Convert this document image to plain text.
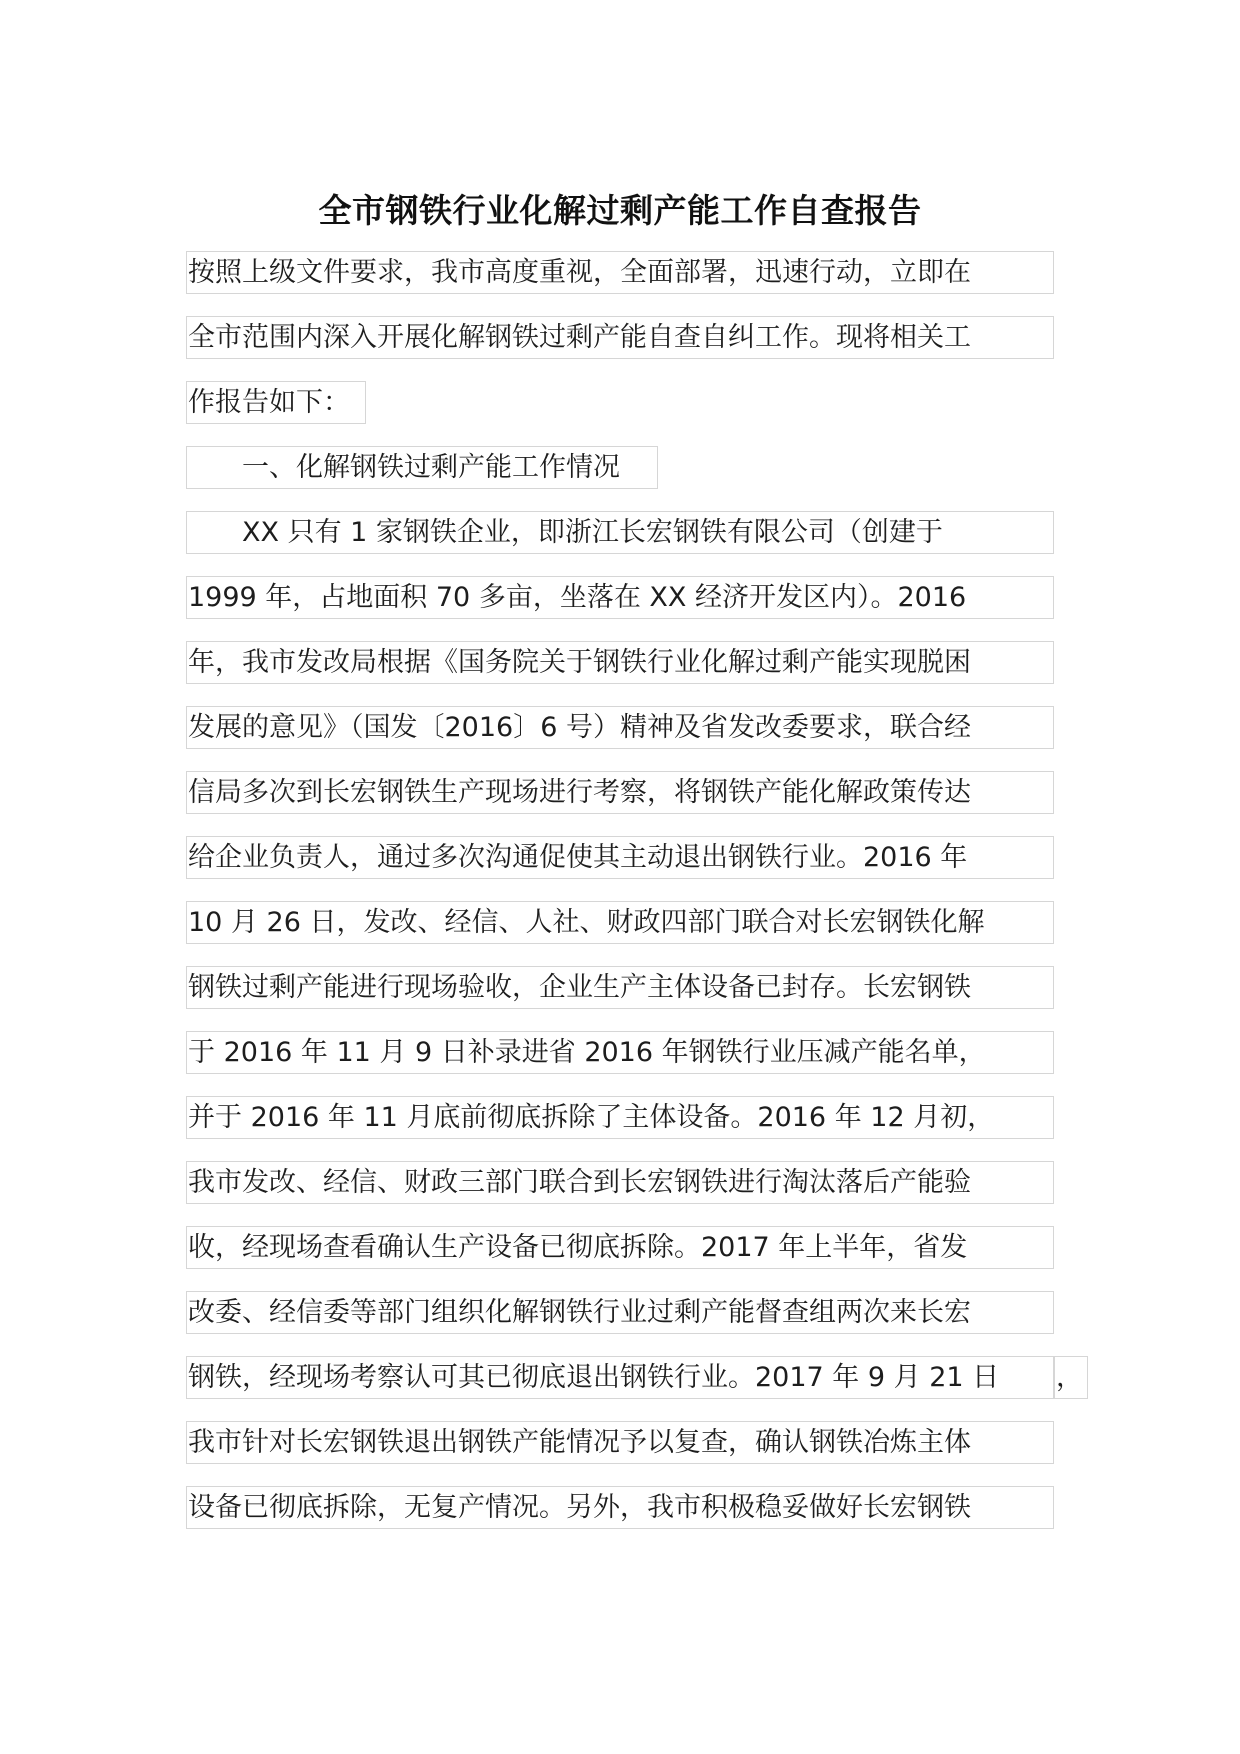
全市钢铁行业化解过剩产能工作自查报告
按照上级文件要求，我市高度重视，全面部署，迅速行动，立即在
全市范围内深入开展化解钢铁过剩产能自查自纠工作。现将相关工
作报告如下：
　　一、化解钢铁过剩产能工作情况
　　XX 只有 1 家钢铁企业，即浙江长宏钢铁有限公司（创建于
1999 年，占地面积 70 多亩，坐落在 XX 经济开发区内）。2016
年，我市发改局根据《国务院关于钢铁行业化解过剩产能实现脱困
发展的意见》（国发〔2016〕6 号）精神及省发改委要求，联合经
信局多次到长宏钢铁生产现场进行考察，将钢铁产能化解政策传达
给企业负责人，通过多次沟通促使其主动退出钢铁行业。2016 年
10 月 26 日，发改、经信、人社、财政四部门联合对长宏钢铁化解
钢铁过剩产能进行现场验收，企业生产主体设备已封存。长宏钢铁
于 2016 年 11 月 9 日补录进省 2016 年钢铁行业压减产能名单，
并于 2016 年 11 月底前彻底拆除了主体设备。2016 年 12 月初，
我市发改、经信、财政三部门联合到长宏钢铁进行淘汰落后产能验
收，经现场查看确认生产设备已彻底拆除。2017 年上半年，省发
改委、经信委等部门组织化解钢铁行业过剩产能督查组两次来长宏
钢铁，经现场考察认可其已彻底退出钢铁行业。2017 年 9 月 21 日	，
我市针对长宏钢铁退出钢铁产能情况予以复查，确认钢铁冶炼主体
设备已彻底拆除，无复产情况。另外，我市积极稳妥做好长宏钢铁
